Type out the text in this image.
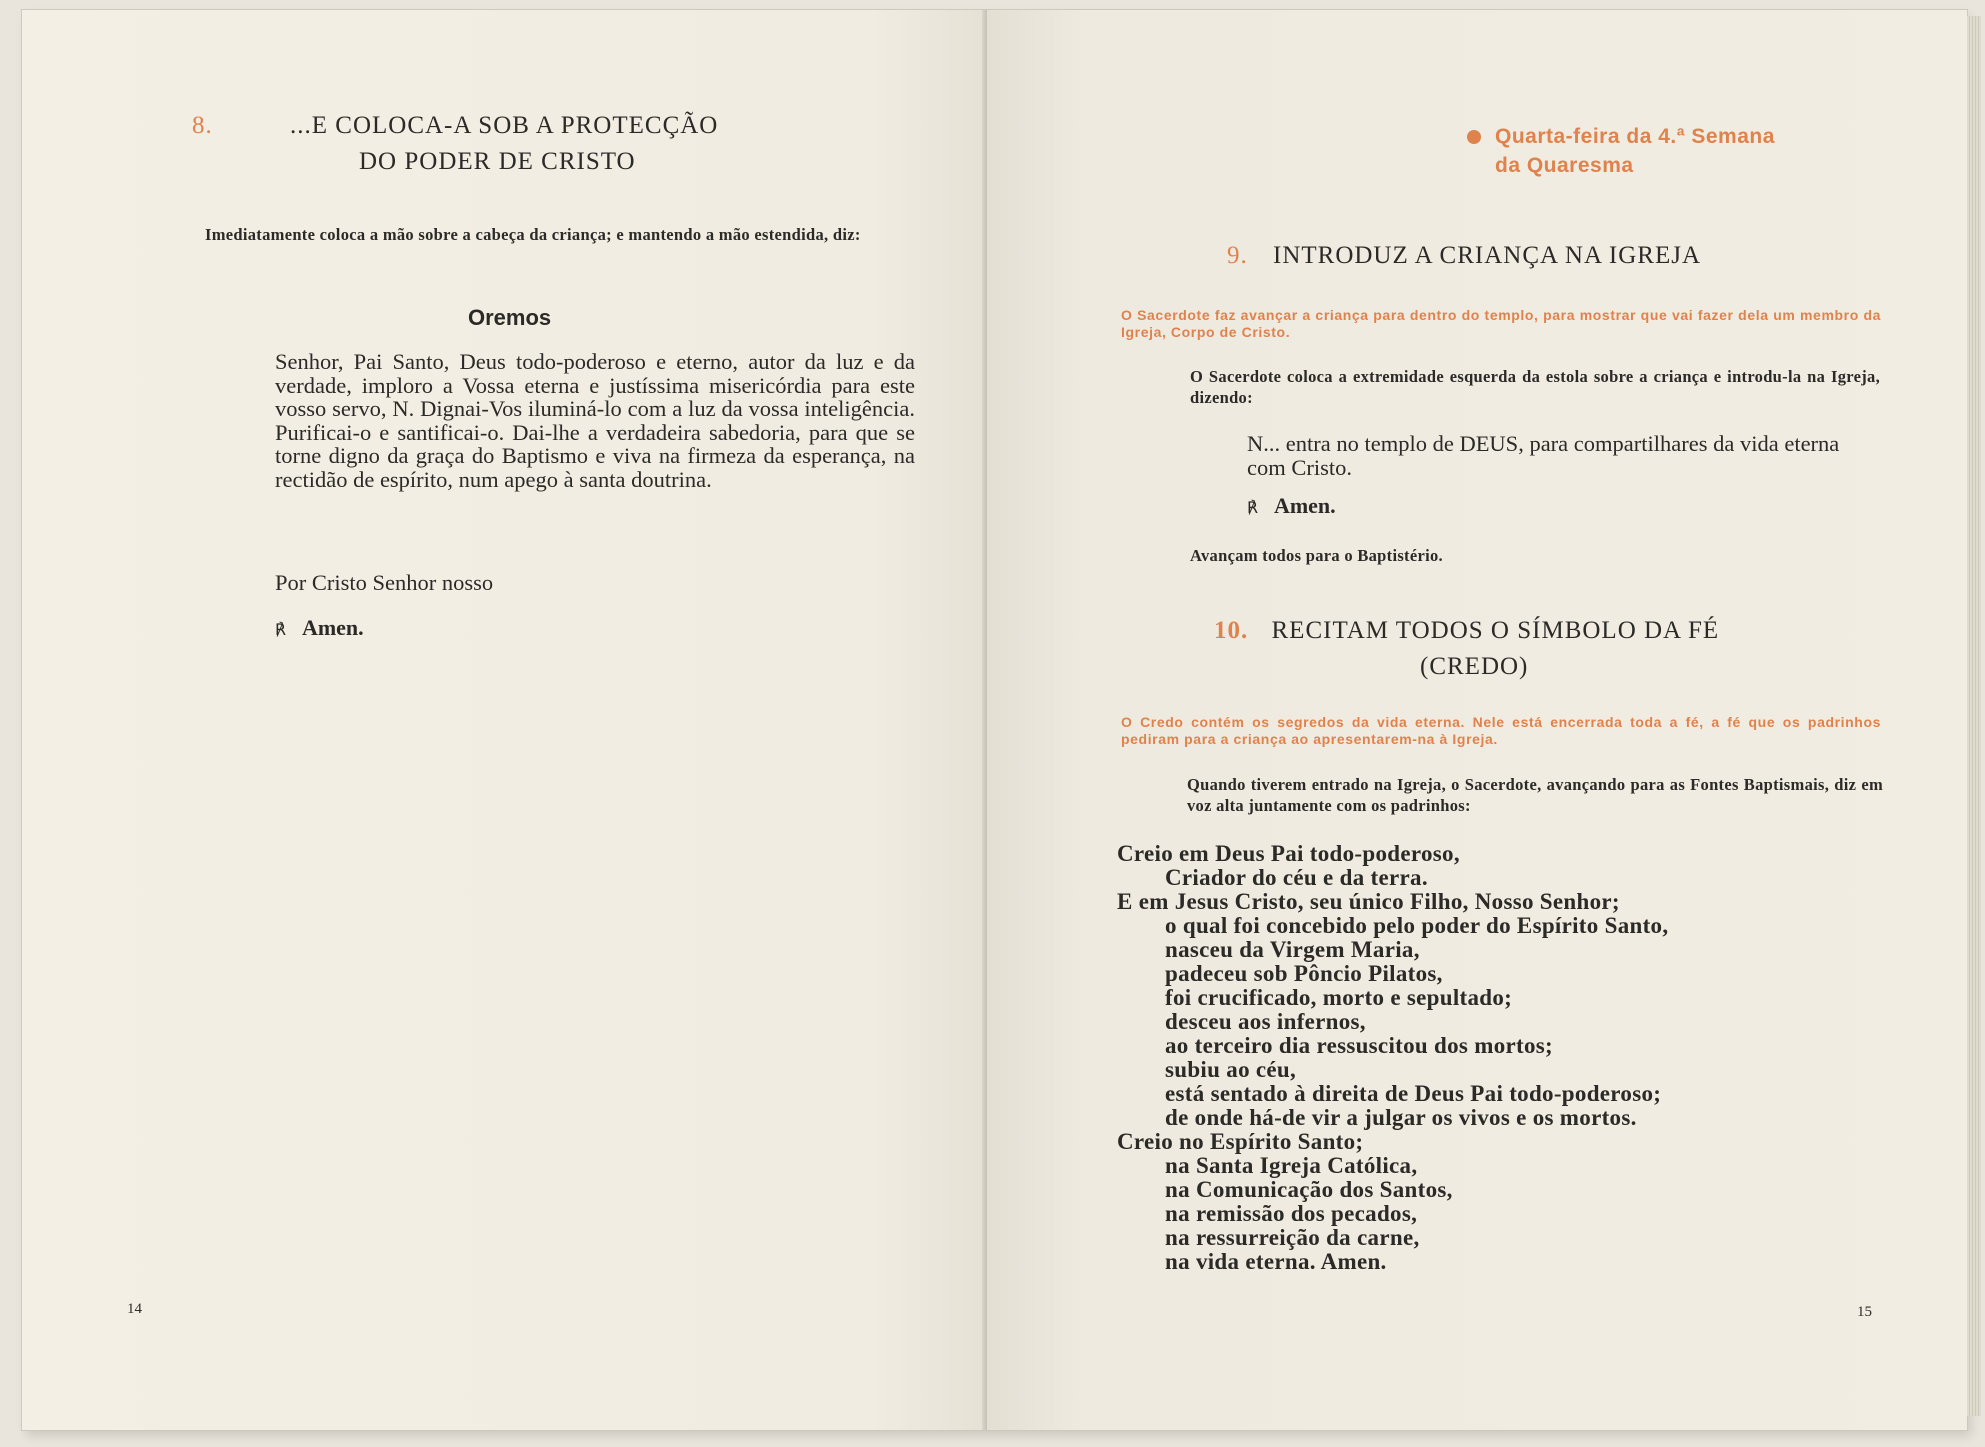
8.	...E COLOCA-A SOB A PROTECÇÃO
DO PODER DE CRISTO
Imediatamente coloca a mão sobre a cabeça da criança; e mantendo a mão estendida, diz:
Oremos
Senhor, Pai Santo, Deus todo-poderoso e eterno, autor da luz e da verdade, imploro a Vossa eterna e justíssima misericórdia para este vosso servo, N. Dignai-Vos iluminá-lo com a luz da vossa inteligência. Purificai-o e santificai-o. Dai-lhe a verdadeira sabedoria, para que se torne digno da graça do Baptismo e viva na firmeza da esperança, na rectidão de espírito, num apego à santa doutrina.
Por Cristo Senhor nosso
℟ Amen.
14
Quarta-feira da 4.ª Semana
da Quaresma
9. INTRODUZ A CRIANÇA NA IGREJA
O Sacerdote faz avançar a criança para dentro do templo, para mostrar que vai fazer dela um membro da Igreja, Corpo de Cristo.
O Sacerdote coloca a extremidade esquerda da estola sobre a criança e introdu-la na Igreja, dizendo:
N... entra no templo de DEUS, para compartilhares da vida eterna com Cristo.
℟ Amen.
Avançam todos para o Baptistério.
10. RECITAM TODOS O SÍMBOLO DA FÉ
(CREDO)
O Credo contém os segredos da vida eterna. Nele está encerrada toda a fé, a fé que os padrinhos pediram para a criança ao apresentarem-na à Igreja.
Quando tiverem entrado na Igreja, o Sacerdote, avançando para as Fontes Baptismais, diz em voz alta juntamente com os padrinhos:
Creio em Deus Pai todo-poderoso,
Criador do céu e da terra.
E em Jesus Cristo, seu único Filho, Nosso Senhor;
o qual foi concebido pelo poder do Espírito Santo,
nasceu da Virgem Maria,
padeceu sob Pôncio Pilatos,
foi crucificado, morto e sepultado;
desceu aos infernos,
ao terceiro dia ressuscitou dos mortos;
subiu ao céu,
está sentado à direita de Deus Pai todo-poderoso;
de onde há-de vir a julgar os vivos e os mortos.
Creio no Espírito Santo;
na Santa Igreja Católica,
na Comunicação dos Santos,
na remissão dos pecados,
na ressurreição da carne,
na vida eterna. Amen.
15
